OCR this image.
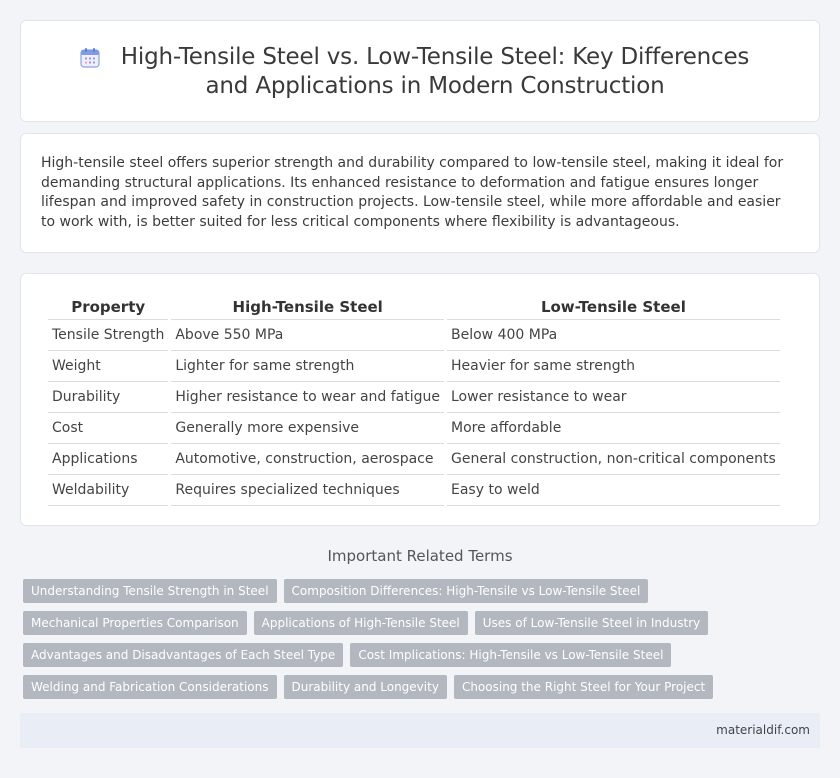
High-Tensile Steel vs. Low-Tensile Steel: Key Differences and Applications in Modern Construction

High-tensile steel offers superior strength and durability compared to low-tensile steel, making it ideal for demanding structural applications. Its enhanced resistance to deformation and fatigue ensures longer lifespan and improved safety in construction projects. Low-tensile steel, while more affordable and easier to work with, is better suited for less critical components where flexibility is advantageous.

Property	High-Tensile Steel	Low-Tensile Steel
Tensile Strength	Above 550 MPa	Below 400 MPa
Weight	Lighter for same strength	Heavier for same strength
Durability	Higher resistance to wear and fatigue	Lower resistance to wear
Cost	Generally more expensive	More affordable
Applications	Automotive, construction, aerospace	General construction, non-critical components
Weldability	Requires specialized techniques	Easy to weld
Important Related Terms
Understanding Tensile Strength in Steel	Composition Differences: High-Tensile vs Low-Tensile Steel
Mechanical Properties Comparison	Applications of High-Tensile Steel	Uses of Low-Tensile Steel in Industry
Advantages and Disadvantages of Each Steel Type	Cost Implications: High-Tensile vs Low-Tensile Steel
Welding and Fabrication Considerations	Durability and Longevity	Choosing the Right Steel for Your Project
materialdif.com
